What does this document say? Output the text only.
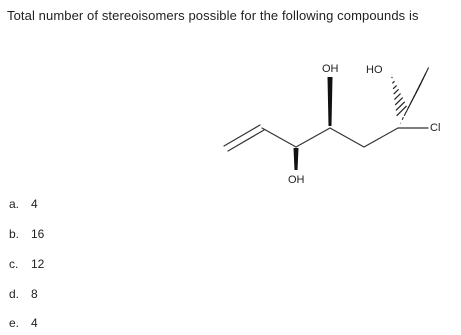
Total number of stereoisomers possible for the following compounds is
OH	HO
Cl
OH
a. 4
b. 16
c. 12
d. 8
e. 4
